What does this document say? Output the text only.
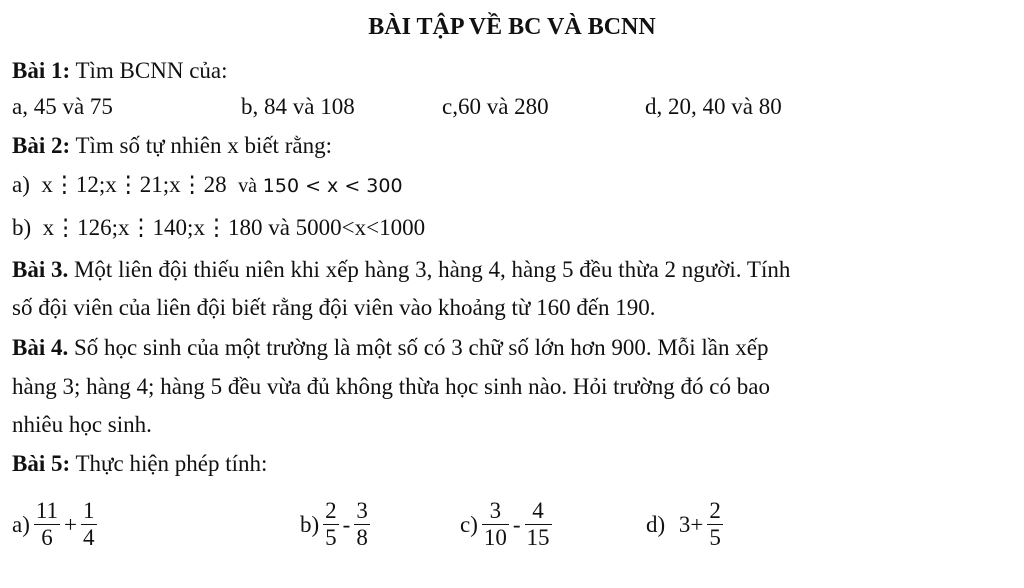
BÀI TẬP VỀ BC VÀ BCNN
Bài 1: Tìm BCNN của:
a, 45 và 75	b, 84 và 108	c,60 và 280	d, 20, 40 và 80
Bài 2: Tìm số tự nhiên x biết rằng:
a) x⋮12;x⋮21;x⋮28 và 150 < x < 300
b) x⋮126;x⋮140;x⋮180 và 5000<x<1000
Bài 3. Một liên đội thiếu niên khi xếp hàng 3, hàng 4, hàng 5 đều thừa 2 người. Tính
số đội viên của liên đội biết rằng đội viên vào khoảng từ 160 đến 190.
Bài 4. Số học sinh của một trường là một số có 3 chữ số lớn hơn 900. Mỗi lần xếp
hàng 3; hàng 4; hàng 5 đều vừa đủ không thừa học sinh nào. Hỏi trường đó có bao
nhiêu học sinh.
Bài 5: Thực hiện phép tính:
$a) \frac{11}{6} + \frac{1}{4}$	$b) \frac{2}{5} - \frac{3}{8}$	$c) \frac{3}{10} - \frac{4}{15}$	d)
$3+ \frac{2}{5}$
